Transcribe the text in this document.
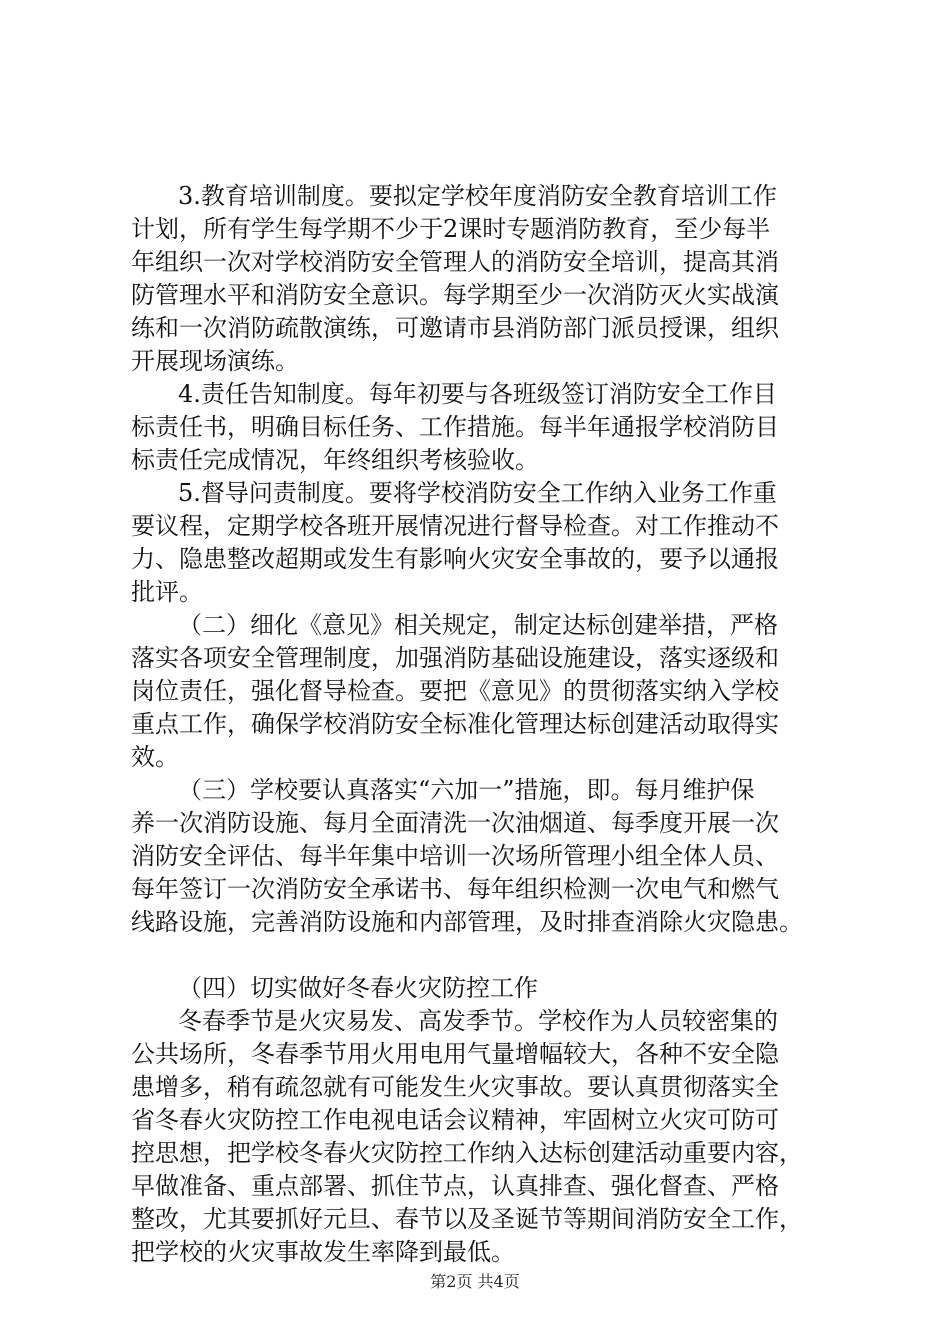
3.教育培训制度。要拟定学校年度消防安全教育培训工作
计划，所有学生每学期不少于2课时专题消防教育，至少每半
年组织一次对学校消防安全管理人的消防安全培训，提高其消
防管理水平和消防安全意识。每学期至少一次消防灭火实战演
练和一次消防疏散演练，可邀请市县消防部门派员授课，组织
开展现场演练。
4.责任告知制度。每年初要与各班级签订消防安全工作目
标责任书，明确目标任务、工作措施。每半年通报学校消防目
标责任完成情况，年终组织考核验收。
5.督导问责制度。要将学校消防安全工作纳入业务工作重
要议程，定期学校各班开展情况进行督导检查。对工作推动不
力、隐患整改超期或发生有影响火灾安全事故的，要予以通报
批评。
（二）细化《意见》相关规定，制定达标创建举措，严格
落实各项安全管理制度，加强消防基础设施建设，落实逐级和
岗位责任，强化督导检查。要把《意见》的贯彻落实纳入学校
重点工作，确保学校消防安全标准化管理达标创建活动取得实
效。
（三）学校要认真落实“六加一”措施，即。每月维护保
养一次消防设施、每月全面清洗一次油烟道、每季度开展一次
消防安全评估、每半年集中培训一次场所管理小组全体人员、
每年签订一次消防安全承诺书、每年组织检测一次电气和燃气
线路设施，完善消防设施和内部管理，及时排查消除火灾隐患。
（四）切实做好冬春火灾防控工作
冬春季节是火灾易发、高发季节。学校作为人员较密集的
公共场所，冬春季节用火用电用气量增幅较大，各种不安全隐
患增多，稍有疏忽就有可能发生火灾事故。要认真贯彻落实全
省冬春火灾防控工作电视电话会议精神，牢固树立火灾可防可
控思想，把学校冬春火灾防控工作纳入达标创建活动重要内容，
早做准备、重点部署、抓住节点，认真排查、强化督查、严格
整改，尤其要抓好元旦、春节以及圣诞节等期间消防安全工作，
把学校的火灾事故发生率降到最低。
第2页 共4页
